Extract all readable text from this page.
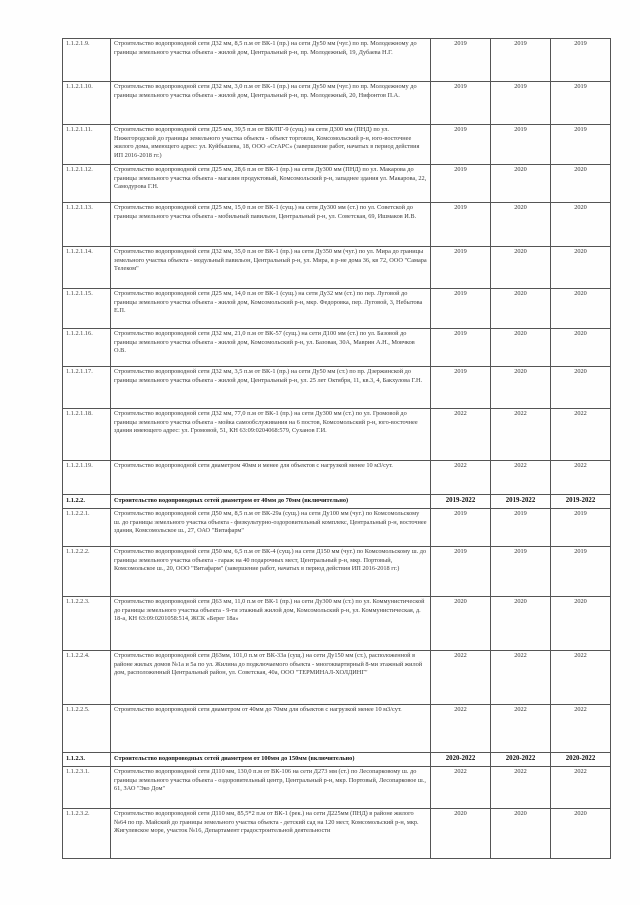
1.1.2.1.9.	Строительство водопроводной сети Д32 мм, 8,5 п.м от ВК-1 (пр.) на сети Ду50 мм (чуг.) по пр. Молодежному до границы земельного участка объекта - жилой дом, Центральный р-н, пр. Молодежный, 19, Дубаева Н.Г.	2019	2019	2019
1.1.2.1.10.	Строительство водопроводной сети Д32 мм, 3,0 п.м от ВК-1 (пр.) на сети Ду50 мм (чуг.) по пр. Молодежному до границы земельного участка объекта - жилой дом, Центральный р-н, пр. Молодежный, 20, Нифонтов П.А.	2019	2019	2019
1.1.2.1.11.	Строительство водопроводной сети Д25 мм, 39,5 п.м от ВК/ПГ-9 (сущ.) на сети Д300 мм (ПНД) по ул. Нижегородской до границы земельного участка объекта - объект торговли, Комсомольский р-н, юго-восточнее жилого дома, имеющего адрес: ул. Куйбышева, 18, ООО «СтАРС» (завершение работ, начатых в период действия ИП 2016-2018 гг.)	2019	2019	2019
1.1.2.1.12.	Строительство водопроводной сети Д25 мм, 28,6 п.м от ВК-1 (пр.) на сети Ду300 мм (ПНД) по ул. Макарова до границы земельного участка объекта - магазин продуктовый, Комсомольский р-н, западнее здания ул. Макарова, 22, Самодурова Г.Н.	2019	2020	2020
1.1.2.1.13.	Строительство водопроводной сети Д25 мм, 15,0 п.м от ВК-1 (сущ.) на сети Ду300 мм (ст.) по ул. Советской до границы земельного участка объекта - мобильный павильон, Центральный р-н, ул. Советская, 69, Ишмаков И.В.	2019	2020	2020
1.1.2.1.14.	Строительство водопроводной сети Д32 мм, 35,0 п.м от ВК-1 (пр.) на сети Ду350 мм (чуг.) по ул. Мира до границы земельного участка объекта - модульный павильон, Центральный р-н, ул. Мира, в р-не дома 36, кв 72, ООО "Самара Телеком"	2019	2020	2020
1.1.2.1.15.	Строительство водопроводной сети Д25 мм, 14,0 п.м от ВК-1 (сущ.) на сети Ду32 мм (ст.) по пер. Луговой до границы земельного участка объекта - жилой дом, Комсомольский р-н, мкр. Федоровка, пер. Луговой, 3, Небытова Е.П.	2019	2020	2020
1.1.2.1.16.	Строительство водопроводной сети Д32 мм, 21,0 п.м от ВК-57 (сущ.) на сети Д100 мм (ст.) по ул. Базовой до границы земельного участка объекта - жилой дом, Комсомольский р-н, ул. Базовая, 30А, Маврин А.Н., Мовчков О.В.	2019	2020	2020
1.1.2.1.17.	Строительство водопроводной сети Д32 мм, 3,5 п.м от ВК-1 (пр.) на сети Ду50 мм (ст.) по пр. Дзержинской до границы земельного участка объекта - жилой дом, Центральный р-н, ул. 25 лет Октября, 11, кв.3, 4, Бакхулова Г.Н.	2019	2020	2020
1.1.2.1.18.	Строительство водопроводной сети Д32 мм, 77,0 п.м от ВК-1 (пр.) на сети Ду300 мм (ст.) по ул. Громовой до границы земельного участка объекта - мойка самообслуживания на 6 постов, Комсомольский р-н, юго-восточнее здания имеющего адрес: ул. Громовой, 51, КН 63:09:0204068:579, Суханов Г.И.	2022	2022	2022
1.1.2.1.19.	Строительство водопроводной сети диаметром 40мм и менее для объектов с нагрузкой менее 10 м3/сут.	2022	2022	2022
1.1.2.2.	Строительство водопроводных сетей диаметром от 40мм до 70мм (включительно)	2019-2022	2019-2022	2019-2022
1.1.2.2.1.	Строительство водопроводной сети Д50 мм, 8,5 п.м от ВК-29а (сущ.) на сети Ду100 мм (чуг.) по Комсомольскому ш. до границы земельного участка объекта - физкультурно-оздоровительный комплекс, Центральный р-н, восточнее здания, Комсомольское ш., 27, ОАО "Витафарм"	2019	2019	2019
1.1.2.2.2.	Строительство водопроводной сети Д50 мм, 6,5 п.м от ВК-4 (сущ.) на сети Д150 мм (чуг.) по Комсомольскому ш. до границы земельного участка объекта - гараж на 40 подарочных мест, Центральный р-н, мкр. Портовый, Комсомольское ш., 20, ООО "Витафарм" (завершение работ, начатых в период действия ИП 2016-2018 гг.)	2019	2019	2019
1.1.2.2.3.	Строительство водопроводной сети Д63 мм, 11,0 п.м от ВК-1 (пр.) на сети Ду300 мм (ст.) по ул. Коммунистической до границы земельного участка объекта - 9-ти этажный жилой дом, Комсомольский р-н, ул. Коммунистическая, д. 18-а, КН 63:09:0201058:514, ЖСК «Берег 18а»	2020	2020	2020
1.1.2.2.4.	Строительство водопроводной сети Д63мм, 101,0 п.м от ВК-33а (сущ.) на сети Ду150 мм (ст.), расположенной в районе жилых домов №1а и 5а по ул. Жилина до подключаемого объекта - многоквартирный 8-ми этажный жилой дом, расположенный Центральный район, ул. Советская, 40а, ООО "ТЕРМИНАЛ-ХОЛДИНГ"	2022	2022	2022
1.1.2.2.5.	Строительство водопроводной сети диаметром от 40мм до 70мм для объектов с нагрузкой менее 10 м3/сут.	2022	2022	2022
1.1.2.3.	Строительство водопроводных сетей диаметром от 100мм до 150мм (включительно)	2020-2022	2020-2022	2020-2022
1.1.2.3.1.	Строительство водопроводной сети Д110 мм, 130,0 п.м от ВК-106 на сети Д273 мм (ст.) по Лесопарковому ш. до границы земельного участка объекта - оздоровительный центр, Центральный р-н, мкр. Портовый, Лесопарковое ш., 61, ЗАО "Эко Дом"	2022	2022	2022
1.1.2.3.2.	Строительство водопроводной сети Д110 мм, 85,5*2 п.м от ВК-1 (рек.) на сети Д225мм (ПНД) в районе жилого №64 по пр. Майский до границы земельного участка объекта - детский сад на 120 мест, Комсомольский р-н, мкр. Жигулевское море, участок №16, Департамент градостроительной деятельности	2020	2020	2020
